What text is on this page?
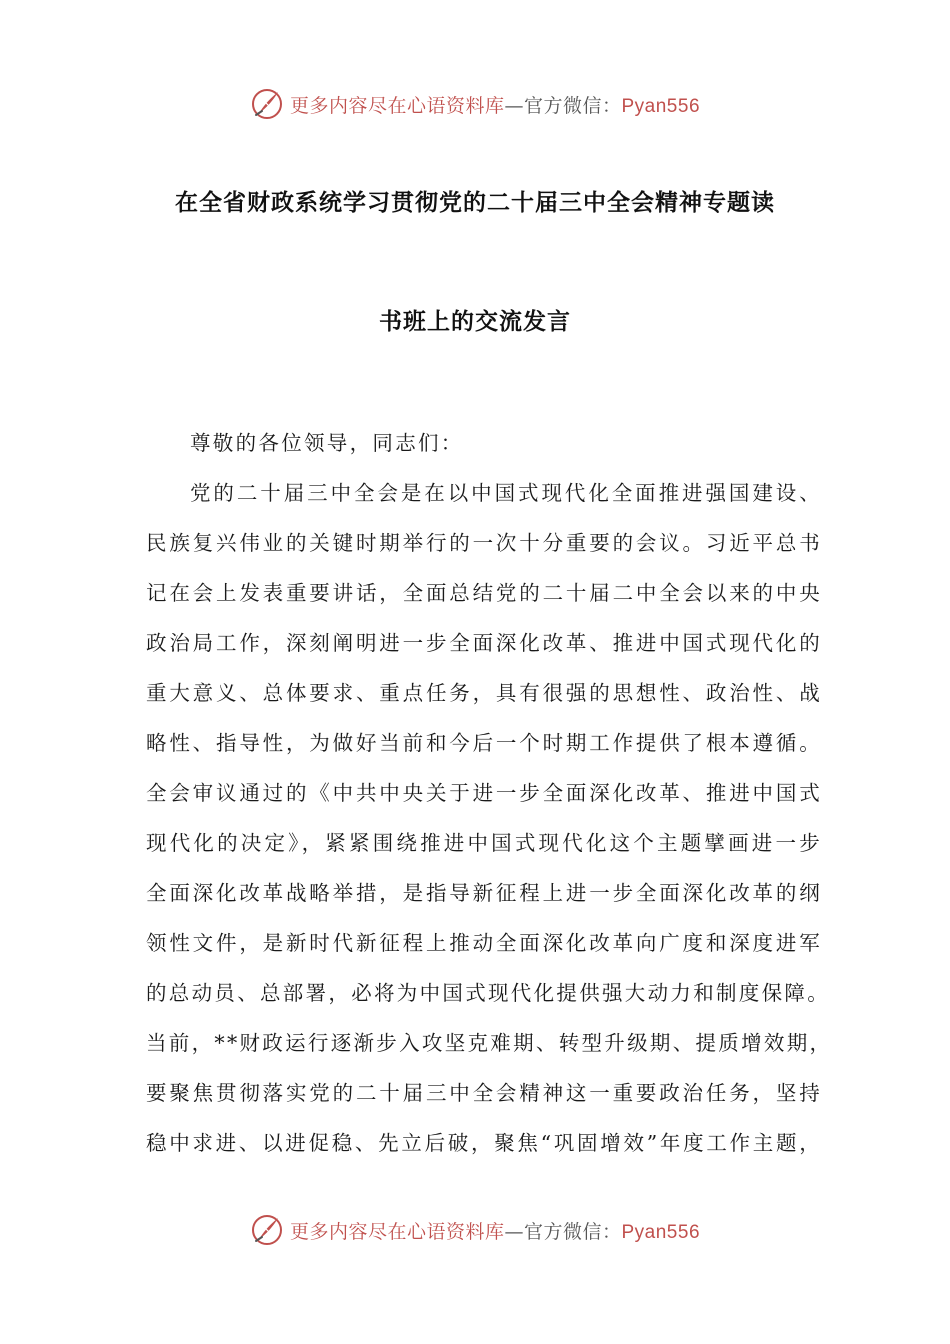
更多内容尽在心语资料库—官方微信：Pyan556
在全省财政系统学习贯彻党的二十届三中全会精神专题读
书班上的交流发言
尊敬的各位领导，同志们：
党的二十届三中全会是在以中国式现代化全面推进强国建设、
民族复兴伟业的关键时期举行的一次十分重要的会议。习近平总书
记在会上发表重要讲话，全面总结党的二十届二中全会以来的中央
政治局工作，深刻阐明进一步全面深化改革、推进中国式现代化的
重大意义、总体要求、重点任务，具有很强的思想性、政治性、战
略性、指导性，为做好当前和今后一个时期工作提供了根本遵循。
全会审议通过的《中共中央关于进一步全面深化改革、推进中国式
现代化的决定》，紧紧围绕推进中国式现代化这个主题擘画进一步
全面深化改革战略举措，是指导新征程上进一步全面深化改革的纲
领性文件，是新时代新征程上推动全面深化改革向广度和深度进军
的总动员、总部署，必将为中国式现代化提供强大动力和制度保障。
当前，**财政运行逐渐步入攻坚克难期、转型升级期、提质增效期，
要聚焦贯彻落实党的二十届三中全会精神这一重要政治任务，坚持
稳中求进、以进促稳、先立后破，聚焦“巩固增效”年度工作主题，
更多内容尽在心语资料库—官方微信：Pyan556
